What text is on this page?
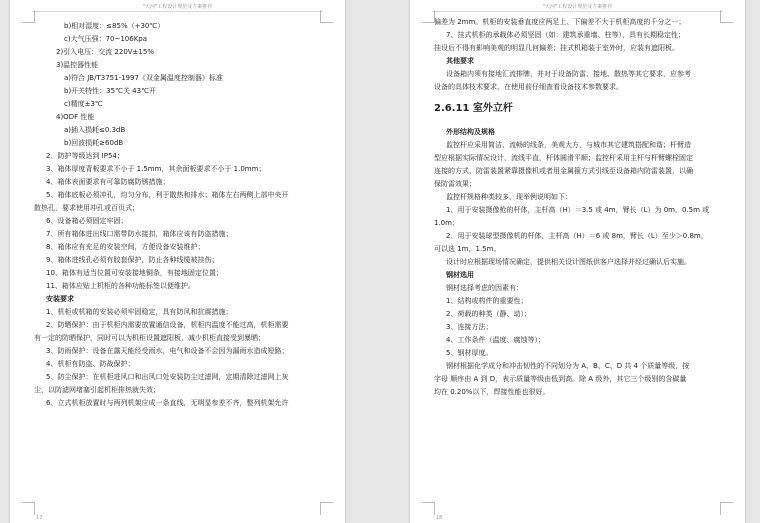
"天河"工程设计规范及方案推荐
b)相对湿度：≤85%（+30℃）
c)大气压强：70~106Kpa
2)引入电压：交流 220V±15%
3)温控器性能
a)符合 JB/T3751-1997《双金属温度控制器》标准
b)开关特性：35℃关 43℃开
c)精度±3℃
4)ODF 性能
a)插入损耗≤0.3dB
b)回波损耗≥60dB
2、防护等级达到 IP54；
3、箱体厚度背板要求不小于 1.5mm，其余面板要求不小于 1.0mm；
4、箱体表面要求有可靠防腐防锈措施；
5、箱体底板必须冲孔，均匀分布，利于散热和排水；箱体左右两侧上部中央开
散热孔，要求使用冲孔或百页式；
6、设备箱必须固定牢固；
7、所有箱体进出线口需带防水接扣，箱体应该有防盗措施；
8、箱体应有充足的安装空间，方便设备安装维护；
9、箱体进线孔必须有胶套保护，防止各种线缆被挂伤；
10、箱体有适当位置可安装接地铜条，有接地固定位置；
11、箱体应贴上机柜的各种功能标签以便维护。
安装要求
1、机柜或机箱的安装必须牢固稳定，具有防风和抗震措施；
2、防晒保护：由于机柜内需要放置通信设备，机柜内温度不能过高，机柜需要
有一定的防晒保护，同时可以为机柜设置遮阳板，减少机柜直接受到暴晒；
3、防雨保护：设备在露天能经受雨水，电气和设备不会因为漏雨水造成短路；
4、机柜有防盗、防战保护；
5、防尘保护：在机柜进风口和出风口处安装防尘过滤网，定期清除过滤网上灰
尘，以防滤网堵塞引起机柜排热就失效；
6、立式机柜放置时与两列机架应成一条直线，无明显参差不齐，整列机架允许
17
"天河"工程设计规范及方案推荐
偏差为 2mm。机柜的安装垂直度应两足上、下偏差不大于机柜高度的千分之一；
7、挂式机柜的承载体必须坚固（如：建筑承重墙、柱等），具有长期稳定性；
挂设后不得有影响美观的明显几何偏差；挂式机箱装于室外时，应装有遮阳板。
其他要求
设备箱内须有接地汇流排牌，并对于设备防雷、接地、散热等其它要求，应参考
设备的具体技术要求，在使用前仔细查看设备技术参数要求。
2.6.11 室外立杆
外形结构及规格
监控杆应采用简洁、流畅的线条，美观大方，与城市其它建筑搭配和谐；杆臂造
型应根据实际情况设计，流线平直，杆体圆滑平顺；监控杆采用主杆与杆臂螺栓固定
连接的方式，防雷装置紧靠摄像机或者用金属箍方式引线至设备箱内防雷装置，以确
保防雷效果；
监控杆规格种类较多，现举例说明如下：
1、用于安装摄像枪的杆体，主杆高（H）＝3.5 或 4m，臂长（L）为 0m，0.5m 或
1.0m；
2、用于安装球型摄像机的杆体，主杆高（H）＝6 或 8m，臂长（L）至少＞0.8m，
可以选 1m，1.5m。
设计时应根据现场情况确定，提供相关设计图纸供客户选择并经过确认后实施。
钢材选用
钢材选择考虑的因素有：
1、结构或构件的重要性；
2、荷载的种类（静、动）；
3、连接方法；
4、工作条件（温度、腐蚀等）；
5、钢材厚度。
钢材根据化学成分和冲击韧性的不同划分为 A、B、C、D 共 4 个质量等级，按
字母 顺序由 A 到 D，表示质量等级由低到高。除 A 级外，其它三个级别的含碳量
均在 0.20%以下，焊接性能也很好。
18
